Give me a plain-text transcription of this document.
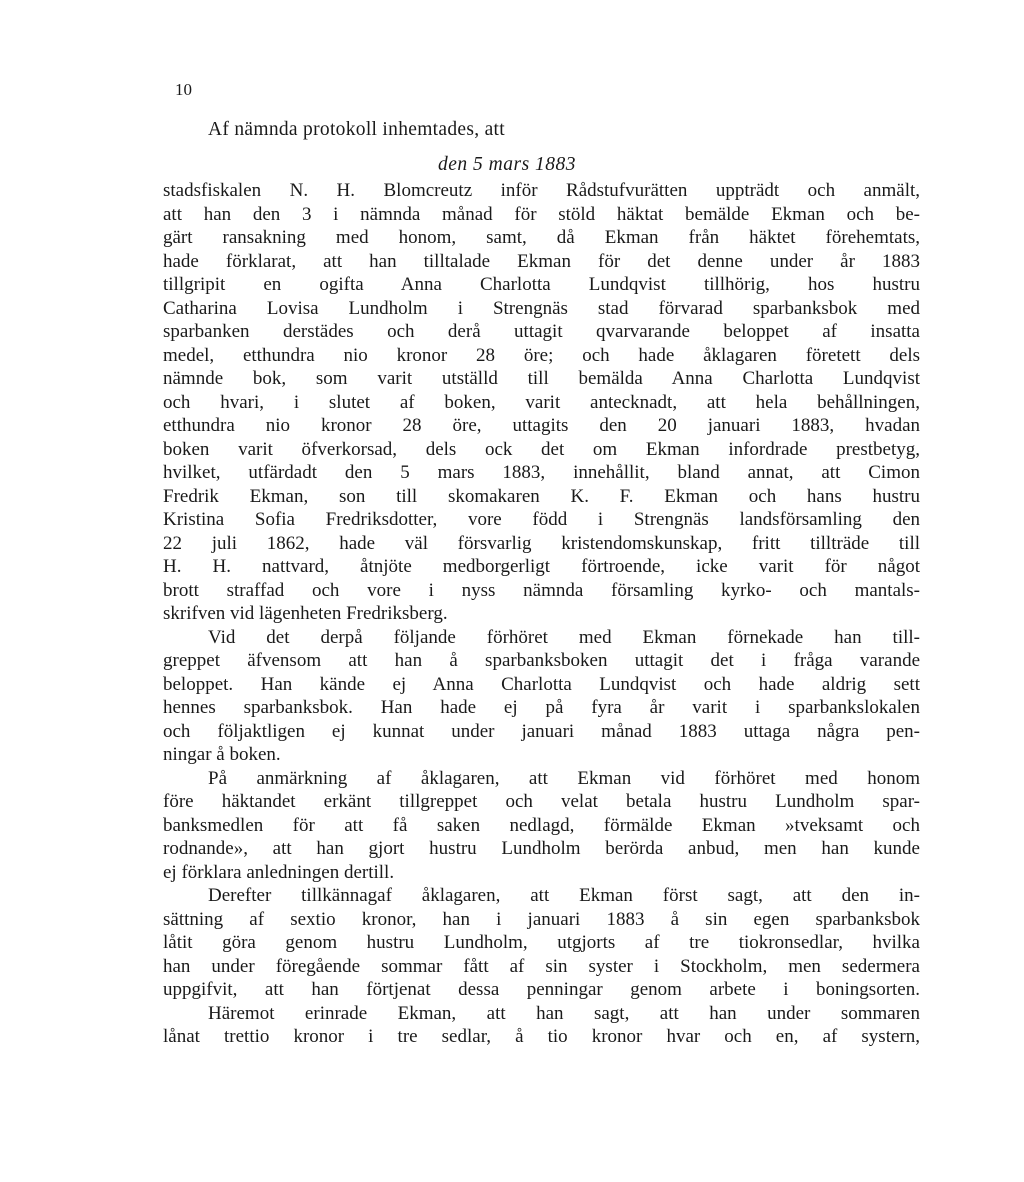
10
Af nämnda protokoll inhemtades, att
den 5 mars 1883
stadsfiskalen N. H. Blomcreutz inför Rådstufvurätten uppträdt och anmält,
att han den 3 i nämnda månad för stöld häktat bemälde Ekman och be-
gärt ransakning med honom, samt, då Ekman från häktet förehemtats,
hade förklarat, att han tilltalade Ekman för det denne under år 1883
tillgripit en ogifta Anna Charlotta Lundqvist tillhörig, hos hustru
Catharina Lovisa Lundholm i Strengnäs stad förvarad sparbanksbok med
sparbanken derstädes och derå uttagit qvarvarande beloppet af insatta
medel, etthundra nio kronor 28 öre; och hade åklagaren företett dels
nämnde bok, som varit utställd till bemälda Anna Charlotta Lundqvist
och hvari, i slutet af boken, varit antecknadt, att hela behållningen,
etthundra nio kronor 28 öre, uttagits den 20 januari 1883, hvadan
boken varit öfverkorsad, dels ock det om Ekman infordrade prestbetyg,
hvilket, utfärdadt den 5 mars 1883, innehållit, bland annat, att Cimon
Fredrik Ekman, son till skomakaren K. F. Ekman och hans hustru
Kristina Sofia Fredriksdotter, vore född i Strengnäs landsförsamling den
22 juli 1862, hade väl försvarlig kristendomskunskap, fritt tillträde till
H. H. nattvard, åtnjöte medborgerligt förtroende, icke varit för något
brott straffad och vore i nyss nämnda församling kyrko- och mantals-
skrifven vid lägenheten Fredriksberg.
Vid det derpå följande förhöret med Ekman förnekade han till-
greppet äfvensom att han å sparbanksboken uttagit det i fråga varande
beloppet. Han kände ej Anna Charlotta Lundqvist och hade aldrig sett
hennes sparbanksbok. Han hade ej på fyra år varit i sparbankslokalen
och följaktligen ej kunnat under januari månad 1883 uttaga några pen-
ningar å boken.
På anmärkning af åklagaren, att Ekman vid förhöret med honom
före häktandet erkänt tillgreppet och velat betala hustru Lundholm spar-
banksmedlen för att få saken nedlagd, förmälde Ekman »tveksamt och
rodnande», att han gjort hustru Lundholm berörda anbud, men han kunde
ej förklara anledningen dertill.
Derefter tillkännagaf åklagaren, att Ekman först sagt, att den in-
sättning af sextio kronor, han i januari 1883 å sin egen sparbanksbok
låtit göra genom hustru Lundholm, utgjorts af tre tiokronsedlar, hvilka
han under föregående sommar fått af sin syster i Stockholm, men sedermera
uppgifvit, att han förtjenat dessa penningar genom arbete i boningsorten.
Häremot erinrade Ekman, att han sagt, att han under sommaren
lånat trettio kronor i tre sedlar, å tio kronor hvar och en, af systern,
